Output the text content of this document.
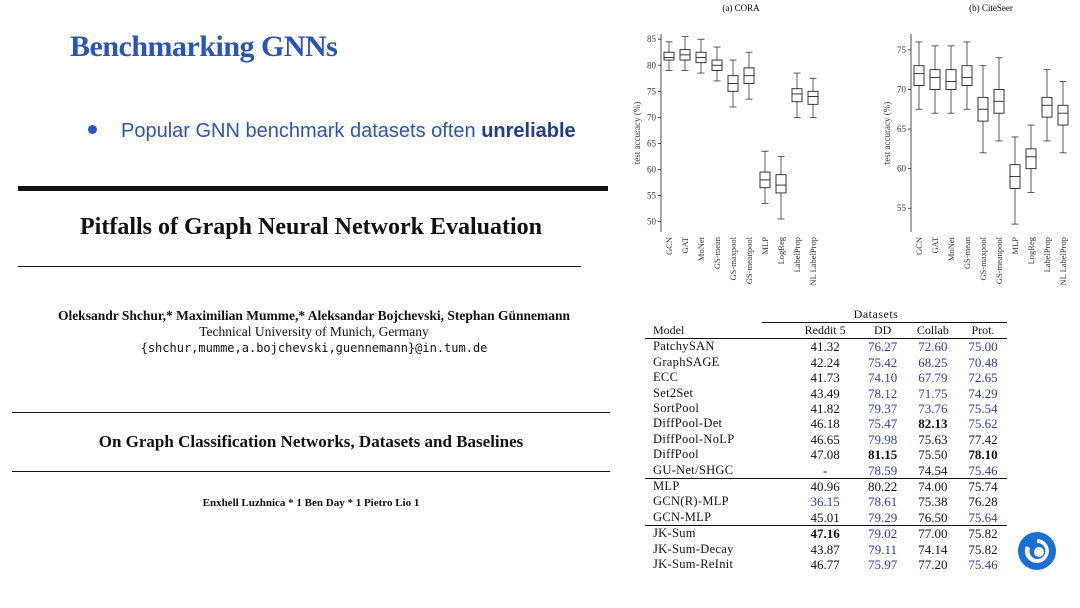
Benchmarking GNNs
Popular GNN benchmark datasets often unreliable
Pitfalls of Graph Neural Network Evaluation
Oleksandr Shchur,* Maximilian Mumme,* Aleksandar Bojchevski, Stephan Günnemann
Technical University of Munich, Germany
{shchur,mumme,a.bojchevski,guennemann}@in.tum.de
On Graph Classification Networks, Datasets and Baselines
Enxhell Luzhnica * 1 Ben Day * 1 Pietro Lio 1
(a) CORA
50
55
60
65
70
75
80
85
test accuracy (%)
GCN GAT MoNet GS-mean GS-maxpool GS-meanpool MLP LogReg LabelProp NL LabelProp
(b) CiteSeer
55
60
65
70
75
test accuracy (%)
GCN GAT MoNet GS-mean GS-maxpool GS-meanpool MLP LogReg LabelProp NL LabelProp
Datasets
Model	Reddit 5	DD	Collab	Prot.
PatchySAN	41.32	76.27	72.60	75.00
GraphSAGE	42.24	75.42	68.25	70.48
ECC	41.73	74.10	67.79	72.65
Set2Set	43.49	78.12	71.75	74.29
SortPool	41.82	79.37	73.76	75.54
DiffPool-Det	46.18	75.47	82.13	75.62
DiffPool-NoLP	46.65	79.98	75.63	77.42
DiffPool	47.08	81.15	75.50	78.10
GU-Net/SHGC	-	78.59	74.54	75.46
MLP	40.96	80.22	74.00	75.74
GCN(R)-MLP	36.15	78.61	75.38	76.28
GCN-MLP	45.01	79.29	76.50	75.64
JK-Sum	47.16	79.02	77.00	75.82
JK-Sum-Decay	43.87	79.11	74.14	75.82
JK-Sum-ReInit	46.77	75.97	77.20	75.46
